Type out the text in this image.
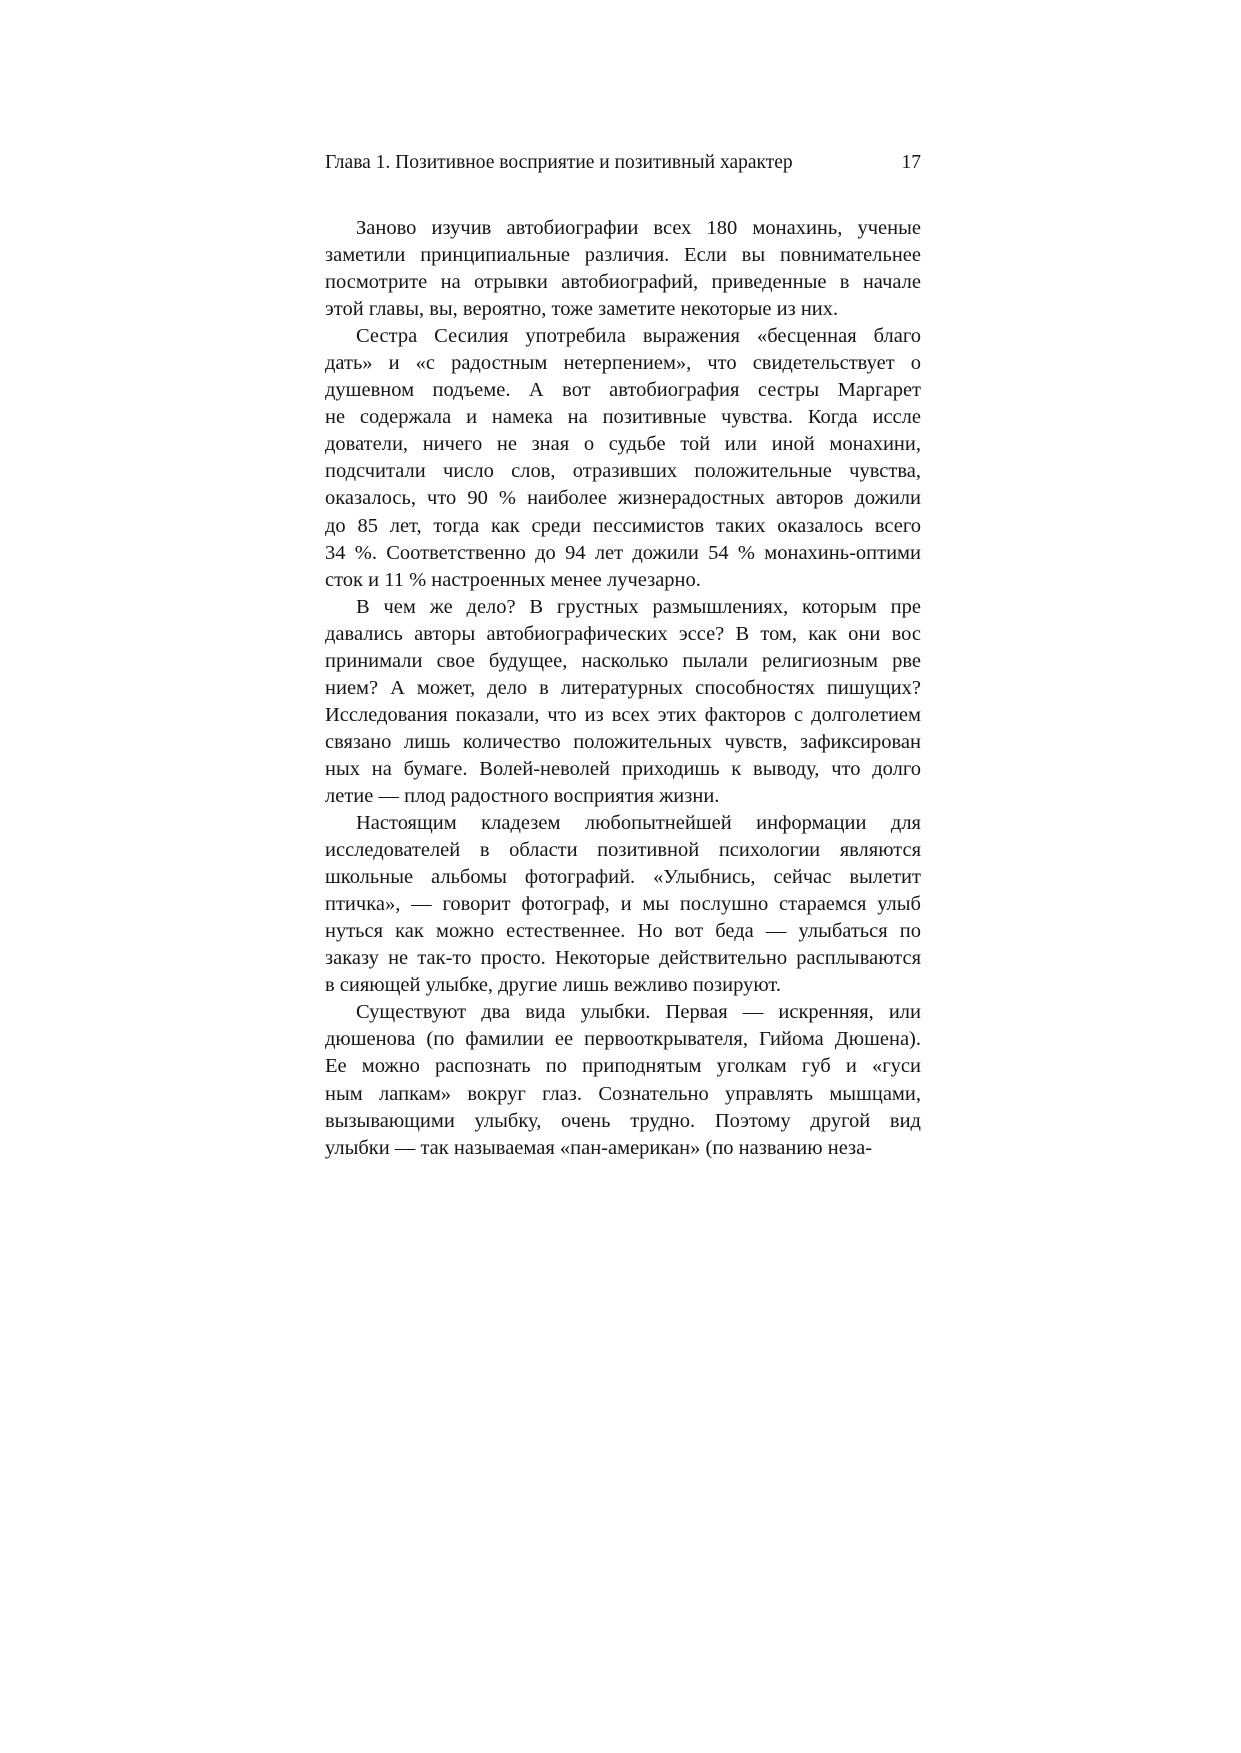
Глава 1. Позитивное восприятие и позитивный характер	17
Заново изучив автобиографии всех 180 монахинь, ученые
заметили принципиальные различия. Если вы повнимательнее
посмотрите на отрывки автобиографий, приведенные в начале
этой главы, вы, вероятно, тоже заметите некоторые из них.
Сестра Сесилия употребила выражения «бесценная благо
дать» и «с радостным нетерпением», что свидетельствует о
душевном подъеме. А вот автобиография сестры Маргарет
не содержала и намека на позитивные чувства. Когда иссле
дователи, ничего не зная о судьбе той или иной монахини,
подсчитали число слов, отразивших положительные чувства,
оказалось, что 90 % наиболее жизнерадостных авторов дожили
до 85 лет, тогда как среди пессимистов таких оказалось всего
34 %. Соответственно до 94 лет дожили 54 % монахинь-оптими
сток и 11 % настроенных менее лучезарно.
В чем же дело? В грустных размышлениях, которым пре
давались авторы автобиографических эссе? В том, как они вос
принимали свое будущее, насколько пылали религиозным рве
нием? А может, дело в литературных способностях пишущих?
Исследования показали, что из всех этих факторов с долголетием
связано лишь количество положительных чувств, зафиксирован
ных на бумаге. Волей-неволей приходишь к выводу, что долго
летие — плод радостного восприятия жизни.
Настоящим кладезем любопытнейшей информации для
исследователей в области позитивной психологии являются
школьные альбомы фотографий. «Улыбнись, сейчас вылетит
птичка», — говорит фотограф, и мы послушно стараемся улыб
нуться как можно естественнее. Но вот беда — улыбаться по
заказу не так-то просто. Некоторые действительно расплываются
в сияющей улыбке, другие лишь вежливо позируют.
Существуют два вида улыбки. Первая — искренняя, или
дюшенова (по фамилии ее первооткрывателя, Гийома Дюшена).
Ее можно распознать по приподнятым уголкам губ и «гуси
ным лапкам» вокруг глаз. Сознательно управлять мышцами,
вызывающими улыбку, очень трудно. Поэтому другой вид
улыбки — так называемая «пан-американ» (по названию неза-
